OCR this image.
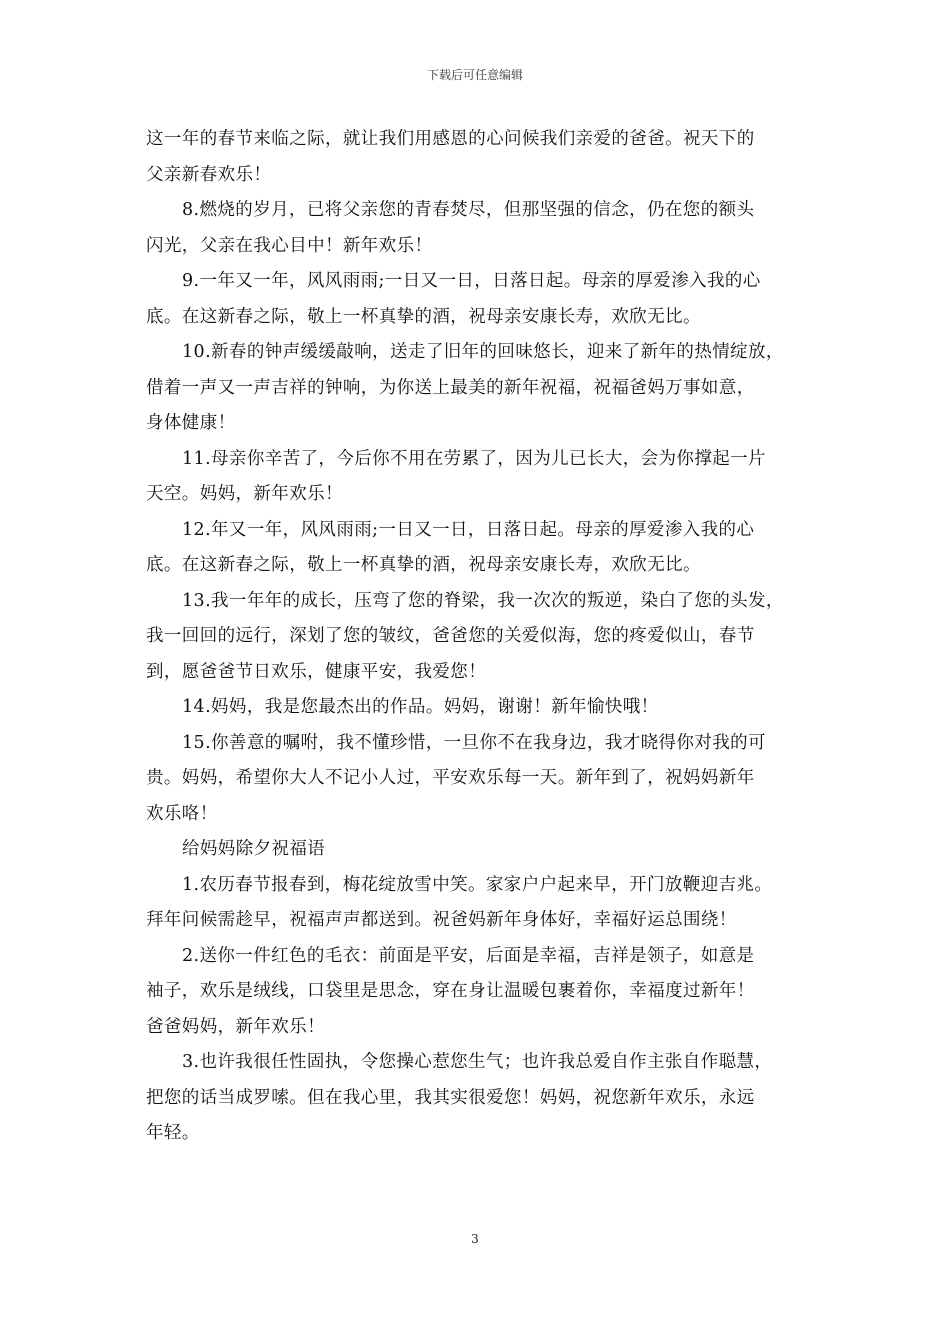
下载后可任意编辑
这一年的春节来临之际，就让我们用感恩的心问候我们亲爱的爸爸。祝天下的
父亲新春欢乐！
8.燃烧的岁月，已将父亲您的青春焚尽，但那坚强的信念，仍在您的额头
闪光，父亲在我心目中！新年欢乐！
9.一年又一年，风风雨雨;一日又一日，日落日起。母亲的厚爱渗入我的心
底。在这新春之际，敬上一杯真挚的酒，祝母亲安康长寿，欢欣无比。
10.新春的钟声缓缓敲响，送走了旧年的回味悠长，迎来了新年的热情绽放，
借着一声又一声吉祥的钟响，为你送上最美的新年祝福，祝福爸妈万事如意，
身体健康！
11.母亲你辛苦了，今后你不用在劳累了，因为儿已长大，会为你撑起一片
天空。妈妈，新年欢乐！
12.年又一年，风风雨雨;一日又一日，日落日起。母亲的厚爱渗入我的心
底。在这新春之际，敬上一杯真挚的酒，祝母亲安康长寿，欢欣无比。
13.我一年年的成长，压弯了您的脊梁，我一次次的叛逆，染白了您的头发，
我一回回的远行，深划了您的皱纹，爸爸您的关爱似海，您的疼爱似山，春节
到，愿爸爸节日欢乐，健康平安，我爱您！
14.妈妈，我是您最杰出的作品。妈妈，谢谢！新年愉快哦！
15.你善意的嘱咐，我不懂珍惜，一旦你不在我身边，我才晓得你对我的可
贵。妈妈，希望你大人不记小人过，平安欢乐每一天。新年到了，祝妈妈新年
欢乐咯！
给妈妈除夕祝福语
1.农历春节报春到，梅花绽放雪中笑。家家户户起来早，开门放鞭迎吉兆。
拜年问候需趁早，祝福声声都送到。祝爸妈新年身体好，幸福好运总围绕！
2.送你一件红色的毛衣：前面是平安，后面是幸福，吉祥是领子，如意是
袖子，欢乐是绒线，口袋里是思念，穿在身让温暖包裹着你，幸福度过新年！
爸爸妈妈，新年欢乐！
3.也许我很任性固执，令您操心惹您生气；也许我总爱自作主张自作聪慧，
把您的话当成罗嗦。但在我心里，我其实很爱您！妈妈，祝您新年欢乐，永远
年轻。
3
